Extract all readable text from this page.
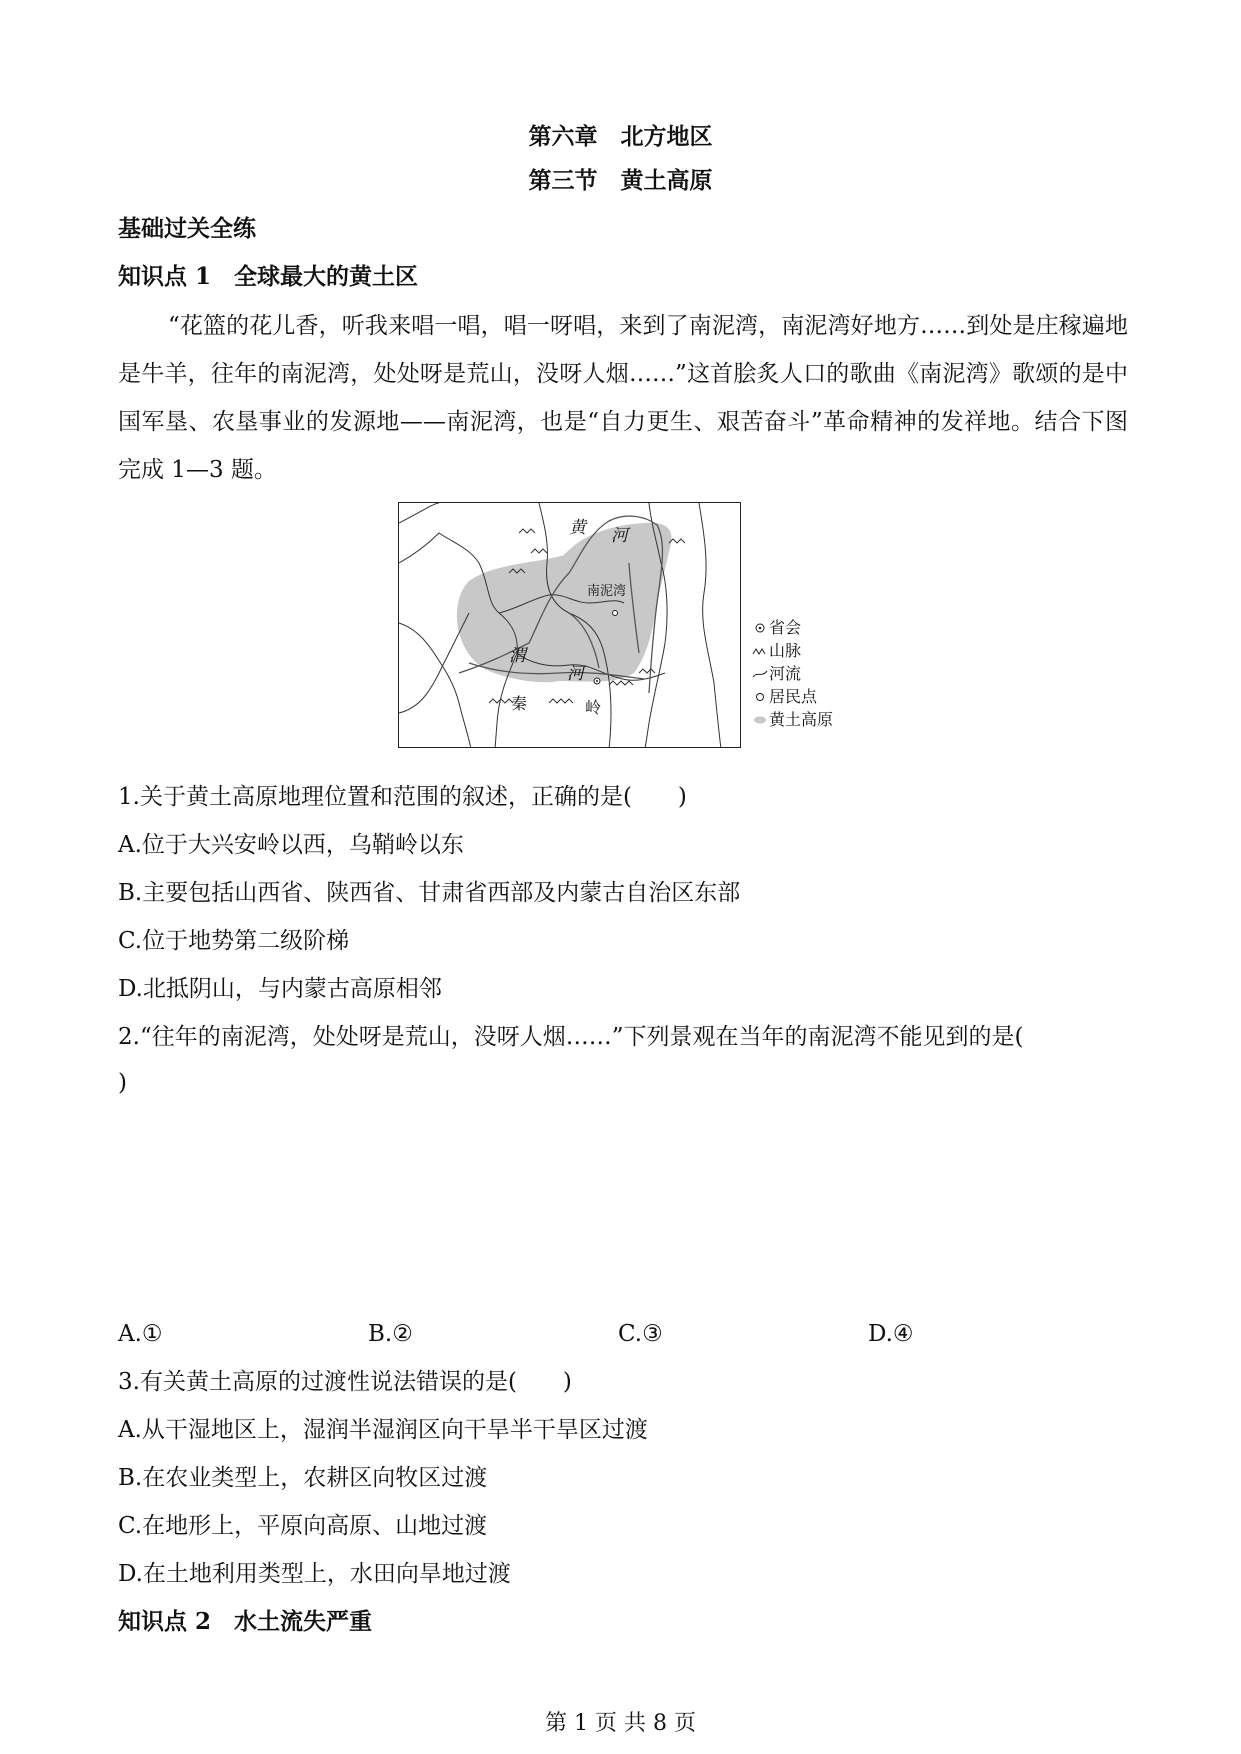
第六章　北方地区
第三节　黄土高原
基础过关全练
知识点 1　全球最大的黄土区
“花篮的花儿香，听我来唱一唱，唱一呀唱，来到了南泥湾，南泥湾好地方……到处是庄稼遍地是牛羊，往年的南泥湾，处处呀是荒山，没呀人烟……”这首脍炙人口的歌曲《南泥湾》歌颂的是中国军垦、农垦事业的发源地——南泥湾，也是“自力更生、艰苦奋斗”革命精神的发祥地。结合下图完成 1—3 题。
黄 河
南泥湾
渭
河
秦	岭
省会
山脉
河流
居民点
黄土高原
1.关于黄土高原地理位置和范围的叙述，正确的是(　　)
A.位于大兴安岭以西，乌鞘岭以东
B.主要包括山西省、陕西省、甘肃省西部及内蒙古自治区东部
C.位于地势第二级阶梯
D.北抵阴山，与内蒙古高原相邻
2.“往年的南泥湾，处处呀是荒山，没呀人烟……”下列景观在当年的南泥湾不能见到的是(
)
A.①	B.②	C.③	D.④
3.有关黄土高原的过渡性说法错误的是(　　)
A.从干湿地区上，湿润半湿润区向干旱半干旱区过渡
B.在农业类型上，农耕区向牧区过渡
C.在地形上，平原向高原、山地过渡
D.在土地利用类型上，水田向旱地过渡
知识点 2　水土流失严重
第 1 页 共 8 页
